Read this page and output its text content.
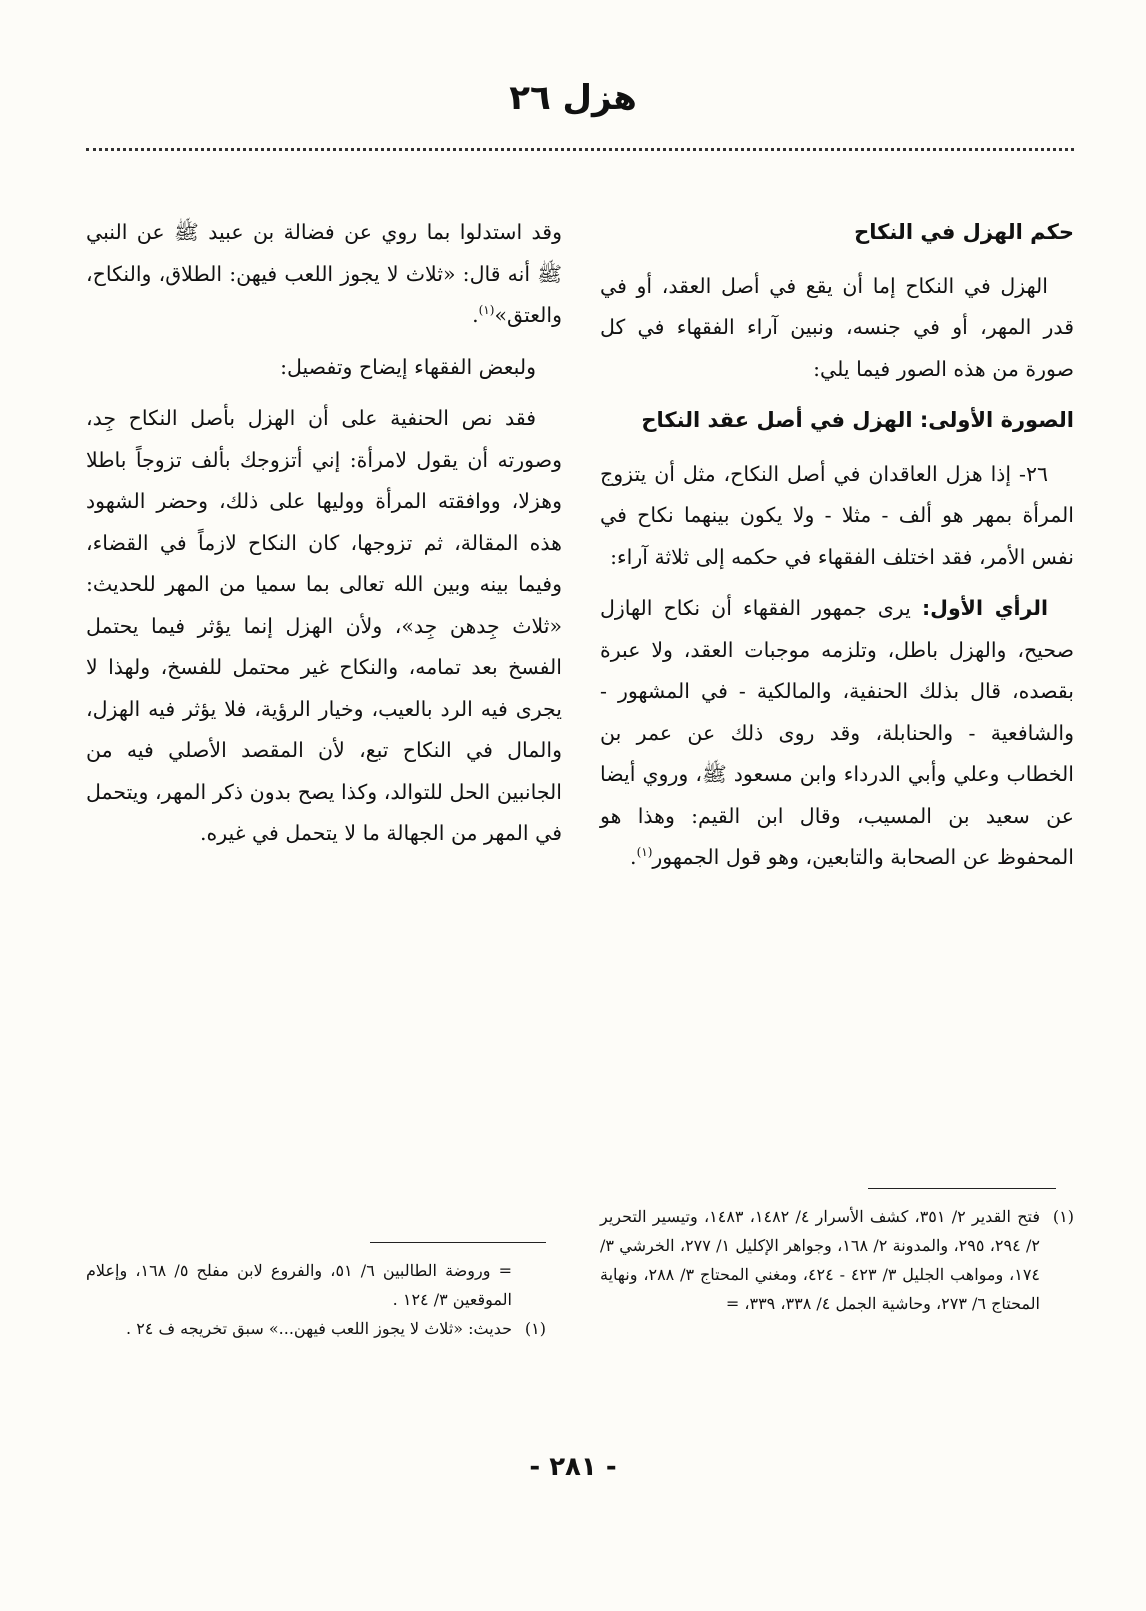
هزل ٢٦
حكم الهزل في النكاح

الهزل في النكاح إما أن يقع في أصل العقد، أو في قدر المهر، أو في جنسه، ونبين آراء الفقهاء في كل صورة من هذه الصور فيما يلي:

الصورة الأولى: الهزل في أصل عقد النكاح

٢٦- إذا هزل العاقدان في أصل النكاح، مثل أن يتزوج المرأة بمهر هو ألف - مثلا - ولا يكون بينهما نكاح في نفس الأمر، فقد اختلف الفقهاء في حكمه إلى ثلاثة آراء:

الرأي الأول: يرى جمهور الفقهاء أن نكاح الهازل صحيح، والهزل باطل، وتلزمه موجبات العقد، ولا عبرة بقصده، قال بذلك الحنفية، والمالكية - في المشهور - والشافعية - والحنابلة، وقد روى ذلك عن عمر بن الخطاب وعلي وأبي الدرداء وابن مسعود ﷺ، وروي أيضا عن سعيد بن المسيب، وقال ابن القيم: وهذا هو المحفوظ عن الصحابة والتابعين، وهو قول الجمهور$^{(١)}$.

وقد استدلوا بما روي عن فضالة بن عبيد ﷺ عن النبي ﷺ أنه قال: «ثلاث لا يجوز اللعب فيهن: الطلاق، والنكاح، والعتق»$^{(١)}$.

ولبعض الفقهاء إيضاح وتفصيل:

فقد نص الحنفية على أن الهزل بأصل النكاح جِد، وصورته أن يقول لامرأة: إني أتزوجك بألف تزوجاً باطلا وهزلا، ووافقته المرأة ووليها على ذلك، وحضر الشهود هذه المقالة، ثم تزوجها، كان النكاح لازماً في القضاء، وفيما بينه وبين الله تعالى بما سميا من المهر للحديث: «ثلاث جِدهن جِد»، ولأن الهزل إنما يؤثر فيما يحتمل الفسخ بعد تمامه، والنكاح غير محتمل للفسخ، ولهذا لا يجرى فيه الرد بالعيب، وخيار الرؤية، فلا يؤثر فيه الهزل، والمال في النكاح تبع، لأن المقصد الأصلي فيه من الجانبين الحل للتوالد، وكذا يصح بدون ذكر المهر، ويتحمل في المهر من الجهالة ما لا يتحمل في غيره.

(١)
فتح القدير ٢/ ٣٥١، كشف الأسرار ٤/ ١٤٨٢، ١٤٨٣، وتيسير التحرير ٢/ ٢٩٤، ٢٩٥، والمدونة ٢/ ١٦٨، وجواهر الإكليل ١/ ٢٧٧، الخرشي ٣/ ١٧٤، ومواهب الجليل ٣/ ٤٢٣ - ٤٢٤، ومغني المحتاج ٣/ ٢٨٨، ونهاية المحتاج ٦/ ٢٧٣، وحاشية الجمل ٤/ ٣٣٨، ٣٣٩، =
= وروضة الطالبين ٦/ ٥١، والفروع لابن مفلح ٥/ ١٦٨، وإعلام الموقعين ٣/ ١٢٤ .
(١)
حديث: «ثلاث لا يجوز اللعب فيهن...» سبق تخريجه ف ٢٤ .
- ٢٨١ -
